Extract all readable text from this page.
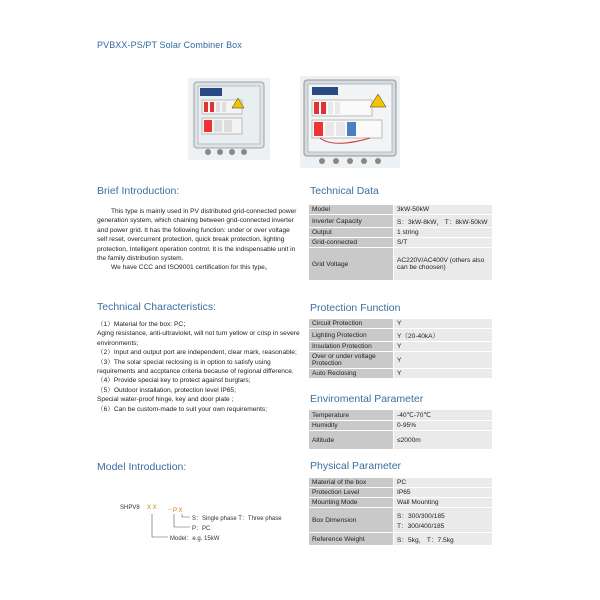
PVBXX-PS/PT Solar Combiner Box
Brief Introduction:

This type is mainly used in PV distributed grid-connected power generation system, which chaining between grid-connected inverter and power grid. It has the following function: under or over voltage self reset, overcurrent protection, quick break protection, lighting protection, Intelligent operation control. It is the indispensable unit in the family distribution system.

We have CCC and ISO9001 certification for this type。

Technical Characteristics:

（1）Material for the box: PC；

Aging resistance, anti-ultraviolet, will not turn yellow or crisp in severe environments;

（2）Input and output port are independent, clear mark, reasonable;

（3）The solar special reclosing is in option to satisfy using requirements and accptance criteria because of regional difference.

（4）Provide special key to protect against burglars;

（5）Outdoor installation, protection level IP65;

Special water-proof hinge, key and door plate ;

（6）Can be custom-made to suit your own requirements;

Model Introduction:
SHPV8 X X －P X
S：Single phase T：Three phase
P：PC
Model：e.g. 15kW
Technical Data
Model	3kW-50kW
Inverter Capacity	S：3kW-8kW， T：8kW-50kW
Output	1 string
Grid-connected	S/T
Grid Voltage	AC220V/AC400V (others also can be choosen)
Protection Function
Circuit Protection	Y
Lighting Protection	Y（20-40kA）
Insulation Protection	Y
Over or under voltage Protection	Y
Auto Reclosing	Y
Enviromental Parameter
Temperature	-40℃-70℃
Humidity	0-95%
Altitude	≤2000m
Physical Parameter
Material of the box	PC
Protection Level	IP65
Mounting Mode	Wall Mounting
Box Dimension	S：300/300/185
T：300/400/185
Reference Weight	S：5kg， T：7.5kg
